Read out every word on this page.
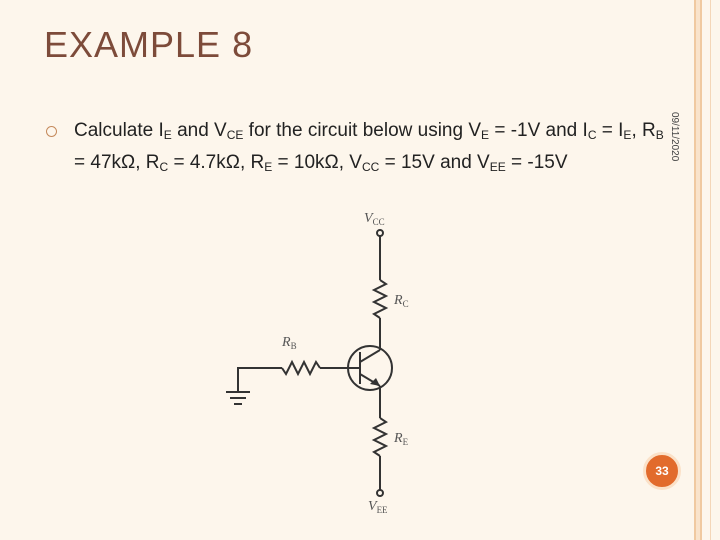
EXAMPLE 8
09/11/2020
Calculate $I_E$ and $V_{CE}$ for the circuit below using $V_E = -1V$ and $I_C = I_E$, $R_B = 47k\Omega$, $R_C = 4.7k\Omega$, $R_E = 10k\Omega$, $V_{CC} = 15V$ and $V_{EE} = -15V$
$V_{CC}$
$R_C$
$R_B$
$R_E$
$V_{EE}$
33
